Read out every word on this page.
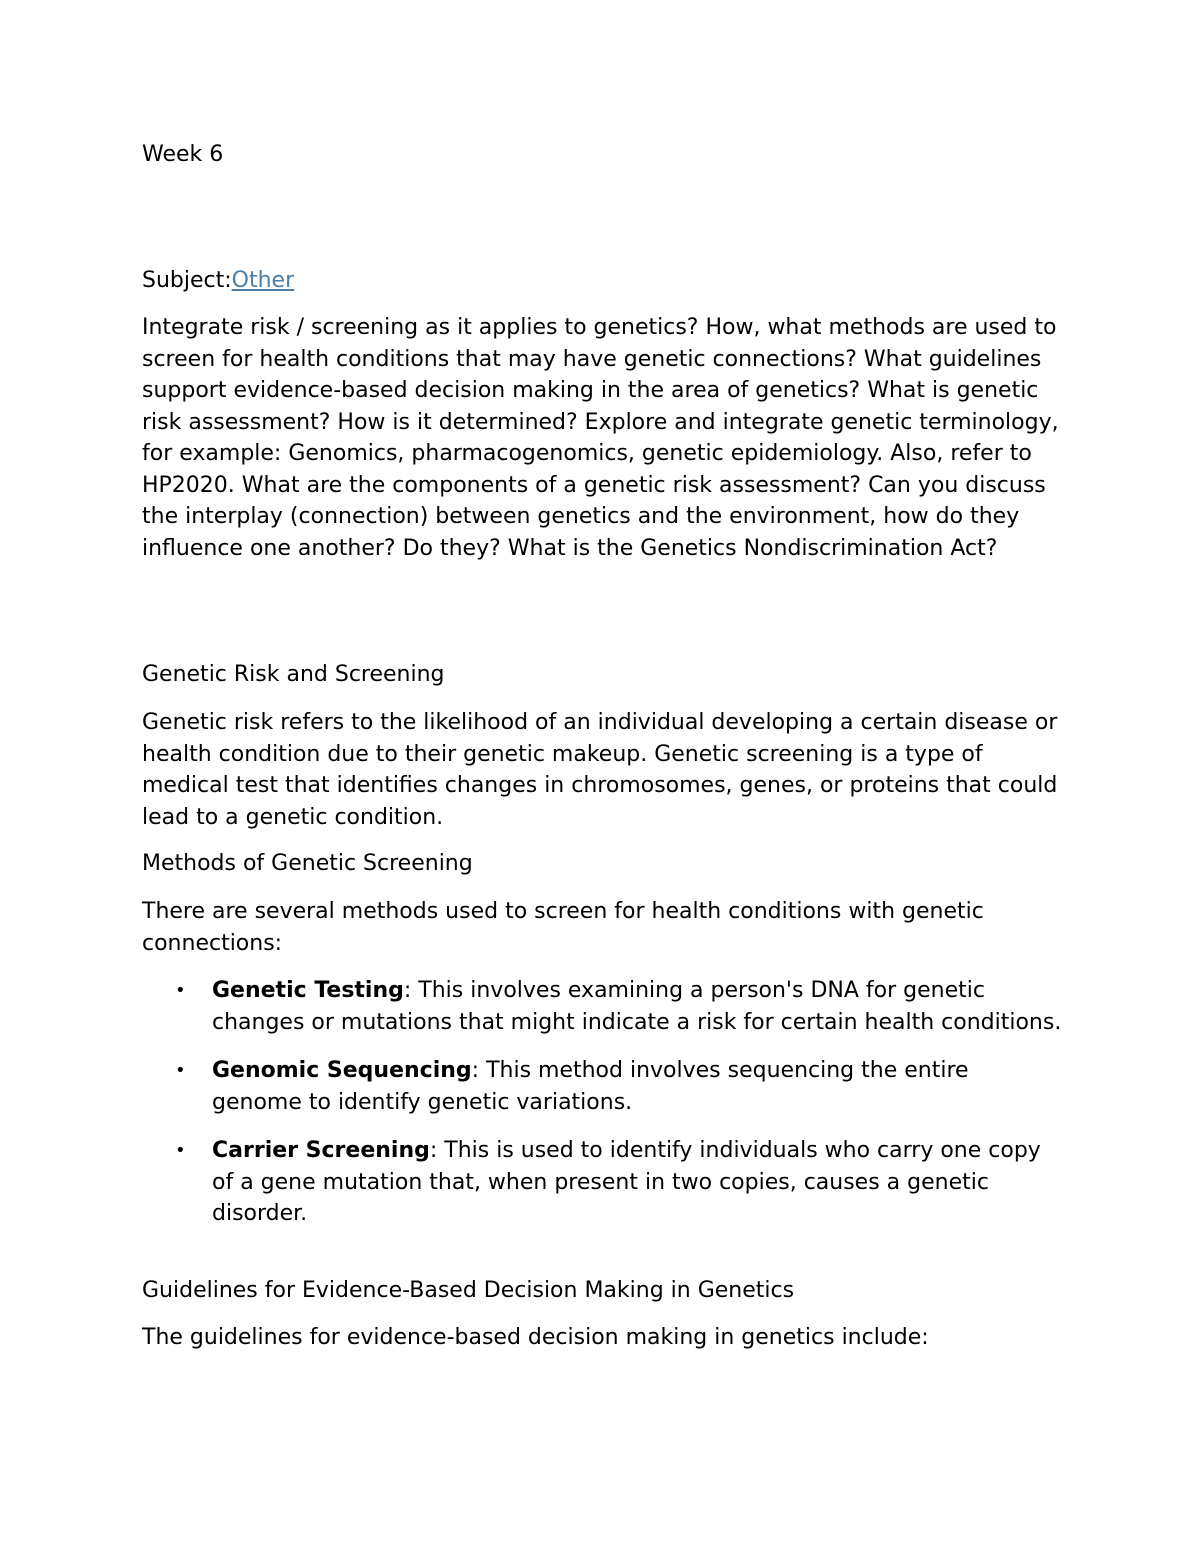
Week 6

Subject:Other

Integrate risk / screening as it applies to genetics? How, what methods are used to screen for health conditions that may have genetic connections? What guidelines support evidence-based decision making in the area of genetics? What is genetic risk assessment? How is it determined? Explore and integrate genetic terminology, for example: Genomics, pharmacogenomics, genetic epidemiology. Also, refer to HP2020. What are the components of a genetic risk assessment? Can you discuss the interplay (connection) between genetics and the environment, how do they influence one another? Do they? What is the Genetics Nondiscrimination Act?

Genetic Risk and Screening

Genetic risk refers to the likelihood of an individual developing a certain disease or health condition due to their genetic makeup. Genetic screening is a type of medical test that identifies changes in chromosomes, genes, or proteins that could lead to a genetic condition.

Methods of Genetic Screening

There are several methods used to screen for health conditions with genetic connections:

• Genetic Testing: This involves examining a person's DNA for genetic changes or mutations that might indicate a risk for certain health conditions.
• Genomic Sequencing: This method involves sequencing the entire genome to identify genetic variations.
• Carrier Screening: This is used to identify individuals who carry one copy of a gene mutation that, when present in two copies, causes a genetic disorder.

Guidelines for Evidence-Based Decision Making in Genetics

The guidelines for evidence-based decision making in genetics include:
